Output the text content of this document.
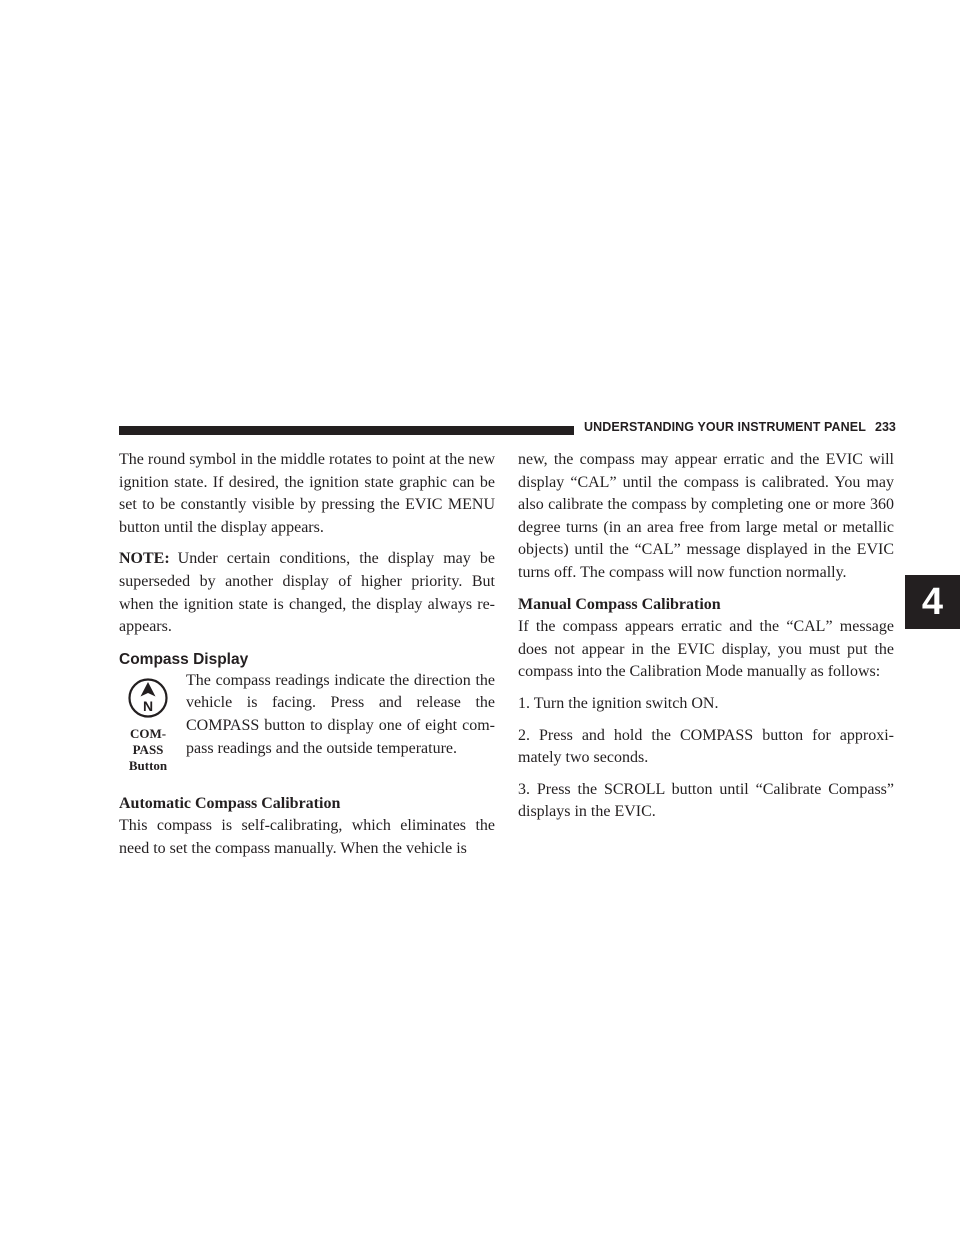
UNDERSTANDING YOUR INSTRUMENT PANEL 233
4

The round symbol in the middle rotates to point at the new ignition state. If desired, the ignition state graphic can be set to be constantly visible by pressing the EVIC MENU button until the display appears.

NOTE: Under certain conditions, the display may be superseded by another display of higher priority. But when the ignition state is changed, the display always re-appears.

Compass Display
N
COM-
PASS
Button

The compass readings indicate the direction the vehicle is facing. Press and release the COMPASS button to display one of eight com-pass readings and the outside temperature.

Automatic Compass Calibration

This compass is self-calibrating, which eliminates the need to set the compass manually. When the vehicle is

new, the compass may appear erratic and the EVIC will display “CAL” until the compass is calibrated. You may also calibrate the compass by completing one or more 360 degree turns (in an area free from large metal or metallic objects) until the “CAL” message displayed in the EVIC turns off. The compass will now function normally.

Manual Compass Calibration

If the compass appears erratic and the “CAL” message does not appear in the EVIC display, you must put the compass into the Calibration Mode manually as follows:

1. Turn the ignition switch ON.

2. Press and hold the COMPASS button for approxi-mately two seconds.

3. Press the SCROLL button until “Calibrate Compass” displays in the EVIC.
